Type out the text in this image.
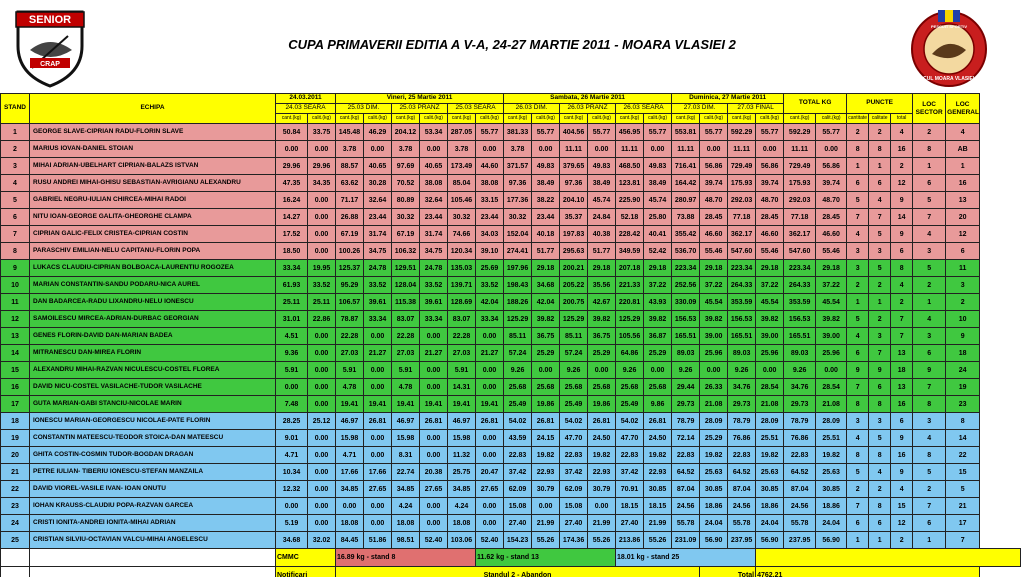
SENIOR
CRAP
CUPA PRIMAVERII EDITIA A V-A, 24-27 MARTIE 2011 - MOARA VLASIEI 2
ACUL MOARA VLASIEI 2
PESCUIT SPORTIV
STAND	ECHIPA	24.03.2011		Vineri, 25 Martie 2011						Sambata, 26 Martie 2011						Duminica, 27 Martie 2011				TOTAL KG		PUNCTE			LOC SECTOR	LOC GENERAL
		24.03 SEARA		25.03 DIM.		25.03 PRANZ		25.03 SEARA		26.03 DIM.		26.03 PRANZ		26.03 SEARA		27.03 DIM.		27.03 FINAL								
		cant.(kg)	calit.(kg)	cant.(kg)	calit.(kg)	cant.(kg)	calit.(kg)	cant.(kg)	calit.(kg)	cant.(kg)	calit.(kg)	cant.(kg)	calit.(kg)	cant.(kg)	calit.(kg)	cant.(kg)	calit.(kg)	cant.(kg)	calit.(kg)	cant.(kg)	calit.(kg)	cantitate	calitate	total		
1	GEORGE SLAVE-CIPRIAN RADU-FLORIN SLAVE	50.84	33.75	145.48	46.29	204.12	53.34	287.05	55.77	381.33	55.77	404.56	55.77	456.95	55.77	553.81	55.77	592.29	55.77	592.29	55.77	2	2	4	2	4
2	MARIUS IOVAN-DANIEL STOIAN	0.00	0.00	3.78	0.00	3.78	0.00	3.78	0.00	3.78	0.00	11.11	0.00	11.11	0.00	11.11	0.00	11.11	0.00	11.11	0.00	8	8	16	8	AB
3	MIHAI ADRIAN-UBELHART CIPRIAN-BALAZS ISTVAN	29.96	29.96	88.57	40.65	97.69	40.65	173.49	44.60	371.57	49.83	379.65	49.83	468.50	49.83	716.41	56.86	729.49	56.86	729.49	56.86	1	1	2	1	1
4	RUSU ANDREI MIHAI-GHISU SEBASTIAN-AVRIGIANU ALEXANDRU	47.35	34.35	63.62	30.28	70.52	38.08	85.04	38.08	97.36	38.49	97.36	38.49	123.81	38.49	164.42	39.74	175.93	39.74	175.93	39.74	6	6	12	6	16
5	GABRIEL NEGRU-IULIAN CHIRCEA-MIHAI RADOI	16.24	0.00	71.17	32.64	80.89	32.64	105.46	33.15	177.36	38.22	204.10	45.74	225.90	45.74	280.97	48.70	292.03	48.70	292.03	48.70	5	4	9	5	13
6	NITU IOAN-GEORGE GALITA-GHEORGHE CLAMPA	14.27	0.00	26.88	23.44	30.32	23.44	30.32	23.44	30.32	23.44	35.37	24.84	52.18	25.80	73.88	28.45	77.18	28.45	77.18	28.45	7	7	14	7	20
7	CIPRIAN GALIC-FELIX CRISTEA-CIPRIAN COSTIN	17.52	0.00	67.19	31.74	67.19	31.74	74.66	34.03	152.04	40.18	197.83	40.38	228.42	40.41	355.42	46.60	362.17	46.60	362.17	46.60	4	5	9	4	12
8	PARASCHIV EMILIAN-NELU CAPITANU-FLORIN POPA	18.50	0.00	100.26	34.75	106.32	34.75	120.34	39.10	274.41	51.77	295.63	51.77	349.59	52.42	536.70	55.46	547.60	55.46	547.60	55.46	3	3	6	3	6
9	LUKACS CLAUDIU-CIPRIAN BOLBOACA-LAURENTIU ROGOZEA	33.34	19.95	125.37	24.78	129.51	24.78	135.03	25.69	197.96	29.18	200.21	29.18	207.18	29.18	223.34	29.18	223.34	29.18	223.34	29.18	3	5	8	5	11
10	MARIAN CONSTANTIN-SANDU PODARU-NICA AUREL	61.93	33.52	95.29	33.52	128.04	33.52	139.71	33.52	198.43	34.68	205.22	35.56	221.33	37.22	252.56	37.22	264.33	37.22	264.33	37.22	2	2	4	2	3
11	DAN BADARCEA-RADU LIXANDRU-NELU IONESCU	25.11	25.11	106.57	39.61	115.38	39.61	128.69	42.04	188.26	42.04	200.75	42.67	220.81	43.93	330.09	45.54	353.59	45.54	353.59	45.54	1	1	2	1	2
12	SAMOILESCU MIRCEA-ADRIAN-DURBAC GEORGIAN	31.01	22.86	78.87	33.34	83.07	33.34	83.07	33.34	125.29	39.82	125.29	39.82	125.29	39.82	156.53	39.82	156.53	39.82	156.53	39.82	5	2	7	4	10
13	GENES FLORIN-DAVID DAN-MARIAN BADEA	4.51	0.00	22.28	0.00	22.28	0.00	22.28	0.00	85.11	36.75	85.11	36.75	105.56	36.87	165.51	39.00	165.51	39.00	165.51	39.00	4	3	7	3	9
14	MITRANESCU DAN-MIREA FLORIN	9.36	0.00	27.03	21.27	27.03	21.27	27.03	21.27	57.24	25.29	57.24	25.29	64.86	25.29	89.03	25.96	89.03	25.96	89.03	25.96	6	7	13	6	18
15	ALEXANDRU MIHAI-RAZVAN NICULESCU-COSTEL FLOREA	5.91	0.00	5.91	0.00	5.91	0.00	5.91	0.00	9.26	0.00	9.26	0.00	9.26	0.00	9.26	0.00	9.26	0.00	9.26	0.00	9	9	18	9	24
16	DAVID NICU-COSTEL VASILACHE-TUDOR VASILACHE	0.00	0.00	4.78	0.00	4.78	0.00	14.31	0.00	25.68	25.68	25.68	25.68	25.68	25.68	29.44	26.33	34.76	28.54	34.76	28.54	7	6	13	7	19
17	GUTA MARIAN-GABI STANCIU-NICOLAE MARIN	7.48	0.00	19.41	19.41	19.41	19.41	19.41	19.41	25.49	19.86	25.49	19.86	25.49	9.86	29.73	21.08	29.73	21.08	29.73	21.08	8	8	16	8	23
18	IONESCU MARIAN-GEORGESCU NICOLAE-PATE FLORIN	28.25	25.12	46.97	26.81	46.97	26.81	46.97	26.81	54.02	26.81	54.02	26.81	54.02	26.81	78.79	28.09	78.79	28.09	78.79	28.09	3	3	6	3	8
19	CONSTANTIN MATEESCU-TEODOR STOICA-DAN MATEESCU	9.01	0.00	15.98	0.00	15.98	0.00	15.98	0.00	43.59	24.15	47.70	24.50	47.70	24.50	72.14	25.29	76.86	25.51	76.86	25.51	4	5	9	4	14
20	GHITA COSTIN-COSMIN TUDOR-BOGDAN DRAGAN	4.71	0.00	4.71	0.00	8.31	0.00	11.32	0.00	22.83	19.82	22.83	19.82	22.83	19.82	22.83	19.82	22.83	19.82	22.83	19.82	8	8	16	8	22
21	PETRE IULIAN- TIBERIU IONESCU-STEFAN MANZAILA	10.34	0.00	17.66	17.66	22.74	20.38	25.75	20.47	37.42	22.93	37.42	22.93	37.42	22.93	64.52	25.63	64.52	25.63	64.52	25.63	5	4	9	5	15
22	DAVID VIOREL-VASILE IVAN- IOAN ONUTU	12.32	0.00	34.85	27.65	34.85	27.65	34.85	27.65	62.09	30.79	62.09	30.79	70.91	30.85	87.04	30.85	87.04	30.85	87.04	30.85	2	2	4	2	5
23	IOHAN KRAUSS-CLAUDIU POPA-RAZVAN GARCEA	0.00	0.00	0.00	0.00	4.24	0.00	4.24	0.00	15.08	0.00	15.08	0.00	18.15	18.15	24.56	18.86	24.56	18.86	24.56	18.86	7	8	15	7	21
24	CRISTI IONITA-ANDREI IONITA-MIHAI ADRIAN	5.19	0.00	18.08	0.00	18.08	0.00	18.08	0.00	27.40	21.99	27.40	21.99	27.40	21.99	55.78	24.04	55.78	24.04	55.78	24.04	6	6	12	6	17
25	CRISTIAN SILVIU-OCTAVIAN VALCU-MIHAI ANGELESCU	34.68	32.02	84.45	51.86	98.51	52.40	103.06	52.40	154.23	55.26	174.36	55.26	213.86	55.26	231.09	56.90	237.95	56.90	237.95	56.90	1	1	2	1	7
		CMMC		16.89 kg - stand 8					11.62 kg - stand 13					18.01 kg - stand 25												
		Notificari		Standul 2 - Abandon													Total		4762.21							
